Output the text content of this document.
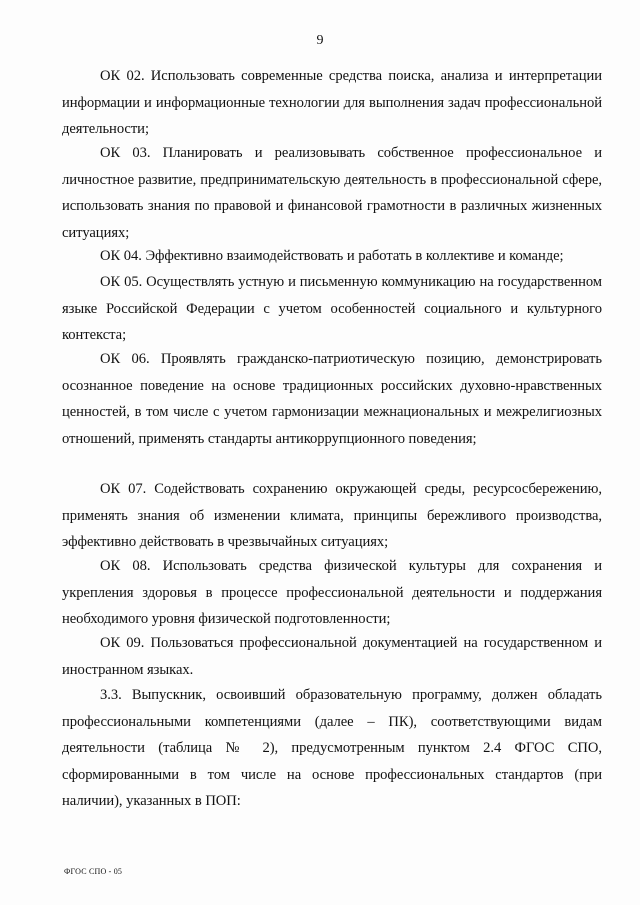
9

ОК 02. Использовать современные средства поиска, анализа и интерпретации информации и информационные технологии для выполнения задач профессиональной деятельности;

ОК 03. Планировать и реализовывать собственное профессиональное и личностное развитие, предпринимательскую деятельность в профессиональной сфере, использовать знания по правовой и финансовой грамотности в различных жизненных ситуациях;

ОК 04. Эффективно взаимодействовать и работать в коллективе и команде;

ОК 05. Осуществлять устную и письменную коммуникацию на государственном языке Российской Федерации с учетом особенностей социального и культурного контекста;

ОК 06. Проявлять гражданско-патриотическую позицию, демонстрировать осознанное поведение на основе традиционных российских духовно-нравственных ценностей, в том числе с учетом гармонизации межнациональных и межрелигиозных отношений, применять стандарты антикоррупционного поведения;

ОК 07. Содействовать сохранению окружающей среды, ресурсосбережению, применять знания об изменении климата, принципы бережливого производства, эффективно действовать в чрезвычайных ситуациях;

ОК 08. Использовать средства физической культуры для сохранения и укрепления здоровья в процессе профессиональной деятельности и поддержания необходимого уровня физической подготовленности;

ОК 09. Пользоваться профессиональной документацией на государственном и иностранном языках.

3.3. Выпускник, освоивший образовательную программу, должен обладать профессиональными компетенциями (далее – ПК), соответствующими видам деятельности (таблица № 2), предусмотренным пунктом 2.4 ФГОС СПО, сформированными в том числе на основе профессиональных стандартов (при наличии), указанных в ПОП:

ФГОС СПО - 05
